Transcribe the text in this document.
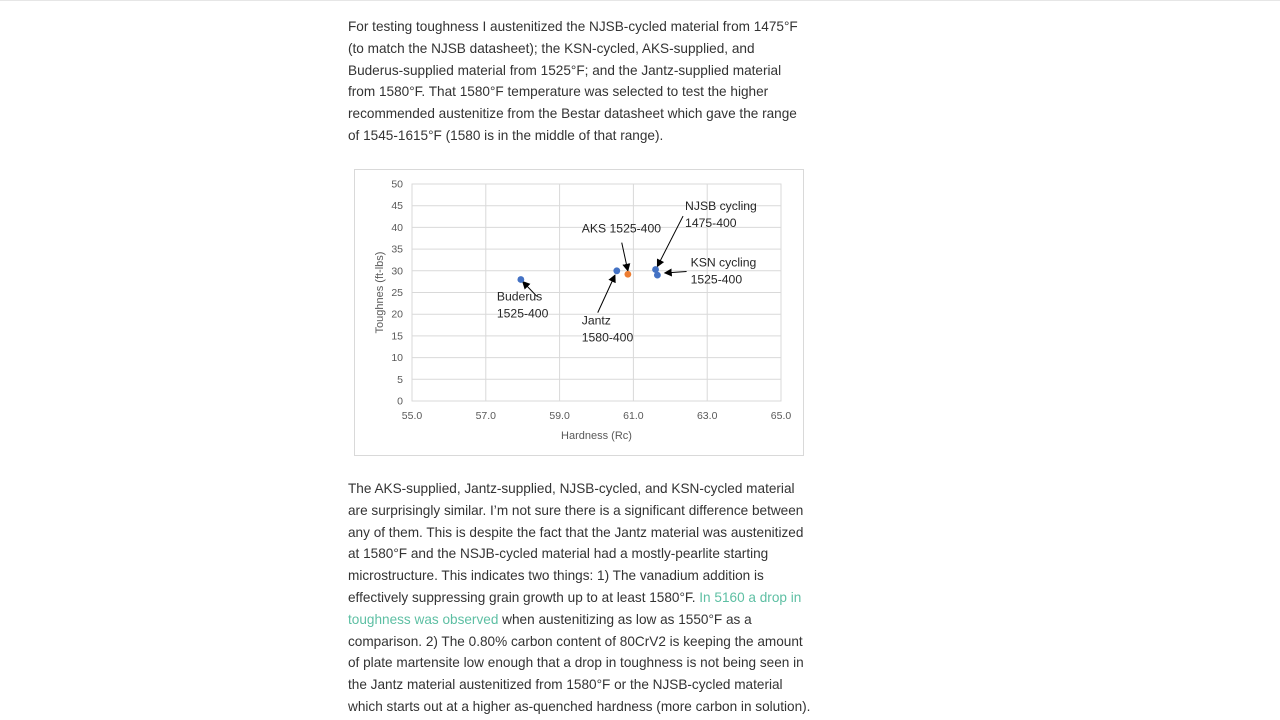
For testing toughness I austenitized the NJSB-cycled material from 1475°F
(to match the NJSB datasheet); the KSN-cycled, AKS-supplied, and
Buderus-supplied material from 1525°F; and the Jantz-supplied material
from 1580°F. That 1580°F temperature was selected to test the higher
recommended austenitize from the Bestar datasheet which gave the range
of 1545-1615°F (1580 is in the middle of that range).

0
5
10
15
20
25
30
35
40
45
50
55.0	57.0	59.0	61.0	63.0	65.0
Hardness (Rc)
Toughnes (ft-lbs)	Buderus
1525-400
AKS 1525-400
Jantz
1580-400
NJSB cycling
1475-400
KSN cycling
1525-400

The AKS-supplied, Jantz-supplied, NJSB-cycled, and KSN-cycled material
are surprisingly similar. I’m not sure there is a significant difference between
any of them. This is despite the fact that the Jantz material was austenitized
at 1580°F and the NSJB-cycled material had a mostly-pearlite starting
microstructure. This indicates two things: 1) The vanadium addition is
effectively suppressing grain growth up to at least 1580°F. In 5160 a drop in
toughness was observed when austenitizing as low as 1550°F as a
comparison. 2) The 0.80% carbon content of 80CrV2 is keeping the amount
of plate martensite low enough that a drop in toughness is not being seen in
the Jantz material austenitized from 1580°F or the NJSB-cycled material
which starts out at a higher as-quenched hardness (more carbon in solution).
